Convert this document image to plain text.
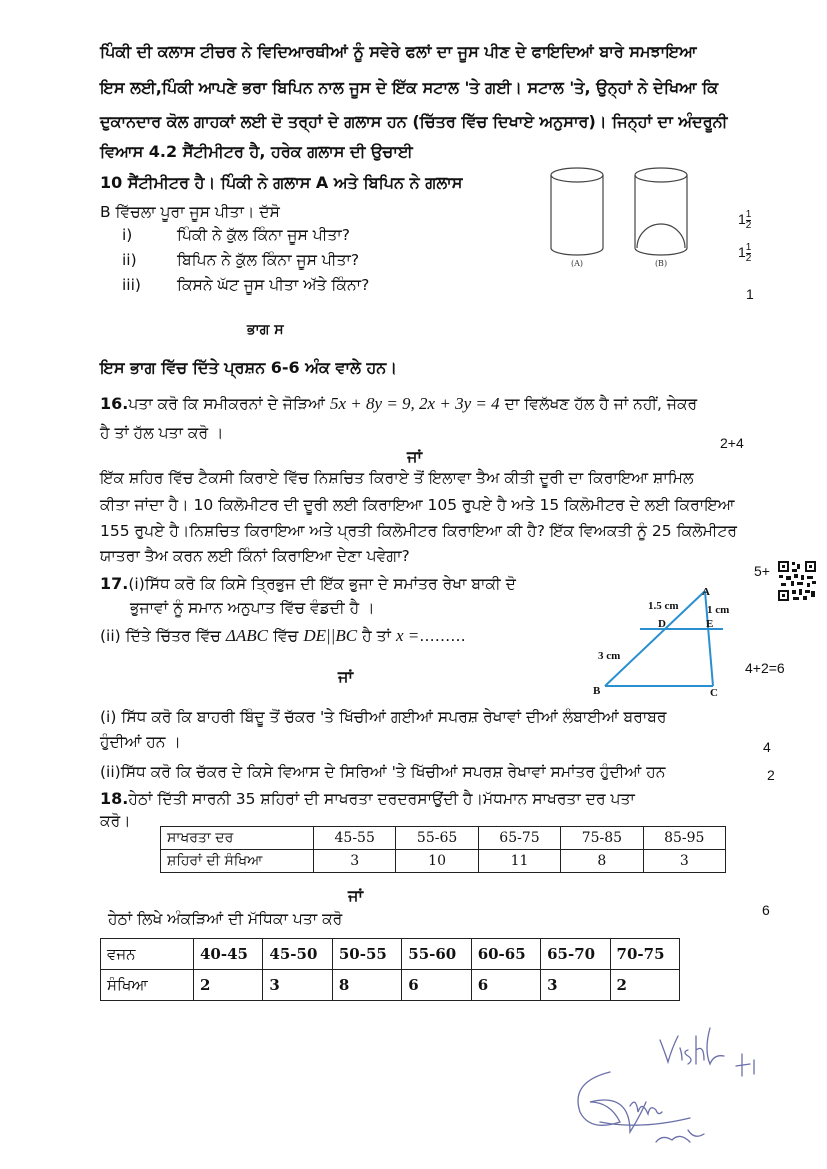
ਪਿੰਕੀ ਦੀ ਕਲਾਸ ਟੀਚਰ ਨੇ ਵਿਦਿਆਰਥੀਆਂ ਨੂੰ ਸਵੇਰੇ ਫਲਾਂ ਦਾ ਜੂਸ ਪੀਣ ਦੇ ਫਾਇਦਿਆਂ ਬਾਰੇ ਸਮਝਾਇਆ
ਇਸ ਲਈ,ਪਿੰਕੀ ਆਪਣੇ ਭਰਾ ਬਿਪਿਨ ਨਾਲ ਜੂਸ ਦੇ ਇੱਕ ਸਟਾਲ 'ਤੇ ਗਈ। ਸਟਾਲ 'ਤੇ, ਉਨ੍ਹਾਂ ਨੇ ਦੇਖਿਆ ਕਿ
ਦੁਕਾਨਦਾਰ ਕੋਲ ਗਾਹਕਾਂ ਲਈ ਦੋ ਤਰ੍ਹਾਂ ਦੇ ਗਲਾਸ ਹਨ (ਚਿੱਤਰ ਵਿੱਚ ਦਿਖਾਏ ਅਨੁਸਾਰ)। ਜਿਨ੍ਹਾਂ ਦਾ ਅੰਦਰੂਨੀ
ਵਿਆਸ 4.2 ਸੈਂਟੀਮੀਟਰ ਹੈ, ਹਰੇਕ ਗਲਾਸ ਦੀ ਉਚਾਈ
10 ਸੈਂਟੀਮੀਟਰ ਹੈ। ਪਿੰਕੀ ਨੇ ਗਲਾਸ A ਅਤੇ ਬਿਪਿਨ ਨੇ ਗਲਾਸ
B ਵਿੱਚਲਾ ਪੂਰਾ ਜੂਸ ਪੀਤਾ। ਦੱਸੋ
i)	ਪਿੰਕੀ ਨੇ ਕੁੱਲ ਕਿੰਨਾ ਜੂਸ ਪੀਤਾ?
ii)	ਬਿਪਿਨ ਨੇ ਕੁੱਲ ਕਿੰਨਾ ਜੂਸ ਪੀਤਾ?
iii) ਕਿਸਨੇ ਘੱਟ ਜੂਸ ਪੀਤਾ ਅੱਤੇ ਕਿੰਨਾ?
(A)	(B)
$1 \frac{1}{2}$
$1 \frac{1}{2}$
1
ਭਾਗ ਸ
ਇਸ ਭਾਗ ਵਿੱਚ ਦਿੱਤੇ ਪ੍ਰਸ਼ਨ 6-6 ਅੰਕ ਵਾਲੇ ਹਨ।
16.ਪਤਾ ਕਰੋ ਕਿ ਸਮੀਕਰਨਾਂ ਦੇ ਜੋੜਿਆਂ 5x + 8y = 9, 2x + 3y = 4 ਦਾ ਵਿਲੱਖਣ ਹੱਲ ਹੈ ਜਾਂ ਨਹੀਂ, ਜੇਕਰ
ਹੈ ਤਾਂ ਹੱਲ ਪਤਾ ਕਰੋ ।
ਜਾਂ
2+4
ਇੱਕ ਸ਼ਹਿਰ ਵਿੱਚ ਟੈਕਸੀ ਕਿਰਾਏ ਵਿੱਚ ਨਿਸ਼ਚਿਤ ਕਿਰਾਏ ਤੋਂ ਇਲਾਵਾ ਤੈਅ ਕੀਤੀ ਦੂਰੀ ਦਾ ਕਿਰਾਇਆ ਸ਼ਾਮਿਲ
ਕੀਤਾ ਜਾਂਦਾ ਹੈ। 10 ਕਿਲੋਮੀਟਰ ਦੀ ਦੂਰੀ ਲਈ ਕਿਰਾਇਆ 105 ਰੁਪਏ ਹੈ ਅਤੇ 15 ਕਿਲੋਮੀਟਰ ਦੇ ਲਈ ਕਿਰਾਇਆ
155 ਰੁਪਏ ਹੈ।ਨਿਸ਼ਚਿਤ ਕਿਰਾਇਆ ਅਤੇ ਪ੍ਰਤੀ ਕਿਲੋਮੀਟਰ ਕਿਰਾਇਆ ਕੀ ਹੈ? ਇੱਕ ਵਿਅਕਤੀ ਨੂੰ 25 ਕਿਲੋਮੀਟਰ
ਯਾਤਰਾ ਤੈਅ ਕਰਨ ਲਈ ਕਿੰਨਾਂ ਕਿਰਾਇਆ ਦੇਣਾ ਪਵੇਗਾ?
5+
17.(i)ਸਿੱਧ ਕਰੋ ਕਿ ਕਿਸੇ ਤ੍ਰਿਭੁਜ ਦੀ ਇੱਕ ਭੁਜਾ ਦੇ ਸਮਾਂਤਰ ਰੇਖਾ ਬਾਕੀ ਦੋ
ਭੁਜਾਵਾਂ ਨੂੰ ਸਮਾਨ ਅਨੁਪਾਤ ਵਿੱਚ ਵੰਡਦੀ ਹੈ ।
(ii) ਦਿੱਤੇ ਚਿੱਤਰ ਵਿੱਚ ΔABC ਵਿੱਚ DE||BC ਹੈ ਤਾਂ x =………
ਜਾਂ
A
B	C
D	E
1.5 cm	1 cm
3 cm
4+2=6
(i) ਸਿੱਧ ਕਰੋ ਕਿ ਬਾਹਰੀ ਬਿੰਦੂ ਤੋਂ ਚੱਕਰ 'ਤੇ ਖਿੱਚੀਆਂ ਗਈਆਂ ਸਪਰਸ਼ ਰੇਖਾਵਾਂ ਦੀਆਂ ਲੰਬਾਈਆਂ ਬਰਾਬਰ
ਹੁੰਦੀਆਂ ਹਨ ।	4
(ii)ਸਿੱਧ ਕਰੋ ਕਿ ਚੱਕਰ ਦੇ ਕਿਸੇ ਵਿਆਸ ਦੇ ਸਿਰਿਆਂ 'ਤੇ ਖਿੱਚੀਆਂ ਸਪਰਸ਼ ਰੇਖਾਵਾਂ ਸਮਾਂਤਰ ਹੁੰਦੀਆਂ ਹਨ	2
18.ਹੇਠਾਂ ਦਿੱਤੀ ਸਾਰਨੀ 35 ਸ਼ਹਿਰਾਂ ਦੀ ਸਾਖਰਤਾ ਦਰਦਰਸਾਉਂਦੀ ਹੈ।ਮੱਧਮਾਨ ਸਾਖਰਤਾ ਦਰ ਪਤਾ
ਕਰੋ।
ਸਾਖਰਤਾ ਦਰ	45-55	55-65	65-75	75-85	85-95
ਸ਼ਹਿਰਾਂ ਦੀ ਸੰਖਿਆ	3	10	11	8	3
ਜਾਂ
6
ਹੇਠਾਂ ਲਿਖੇ ਅੰਕੜਿਆਂ ਦੀ ਮੱਧਿਕਾ ਪਤਾ ਕਰੋ
ਵਜਨ	40-45	45-50	50-55	55-60	60-65	65-70	70-75
ਸੰਖਿਆ	2	3	8	6	6	3	2
